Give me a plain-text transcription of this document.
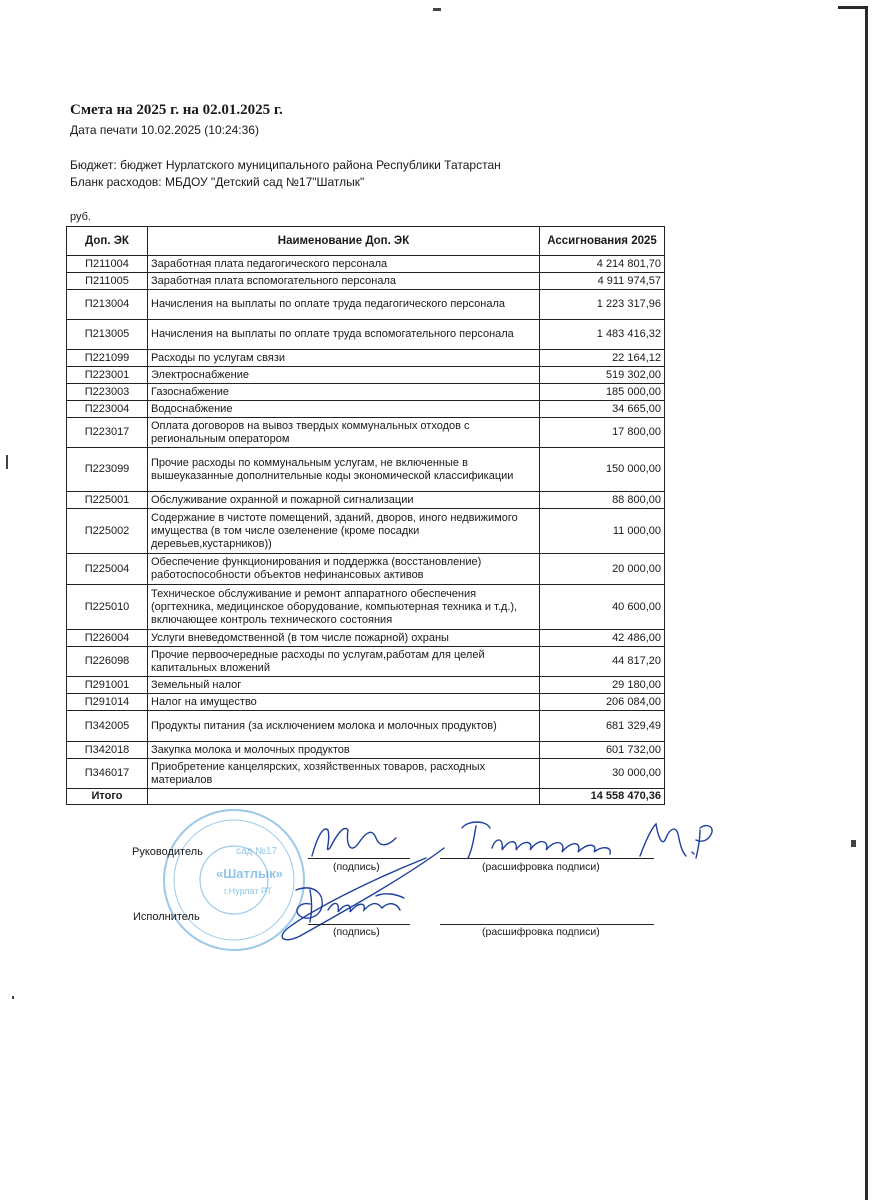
Смета на 2025 г. на 02.01.2025 г.
Дата печати 10.02.2025 (10:24:36)
Бюджет: бюджет Нурлатского муниципального района Республики Татарстан
Бланк расходов: МБДОУ "Детский сад №17"Шатлык"
руб.
Доп. ЭК	Наименование Доп. ЭК	Ассигнования 2025
П211004	Заработная плата педагогического персонала	4 214 801,70
П211005	Заработная плата вспомогательного персонала	4 911 974,57
П213004	Начисления на выплаты по оплате труда педагогического персонала	1 223 317,96
П213005	Начисления на выплаты по оплате труда вспомогательного персонала	1 483 416,32
П221099	Расходы по услугам связи	22 164,12
П223001	Электроснабжение	519 302,00
П223003	Газоснабжение	185 000,00
П223004	Водоснабжение	34 665,00
П223017	Оплата договоров на вывоз твердых коммунальных отходов с региональным оператором	17 800,00
П223099	Прочие расходы по коммунальным услугам, не включенные в вышеуказанные дополнительные коды экономической классификации	150 000,00
П225001	Обслуживание охранной и пожарной сигнализации	88 800,00
П225002	Содержание в чистоте помещений, зданий, дворов, иного недвижимого имущества (в том числе озеленение (кроме посадки деревьев,кустарников))	11 000,00
П225004	Обеспечение функционирования и поддержка (восстановление) работоспособности объектов нефинансовых активов	20 000,00
П225010	Техническое обслуживание и ремонт аппаратного обеспечения (оргтехника, медицинское оборудование, компьютерная техника и т.д.), включающее контроль технического состояния	40 600,00
П226004	Услуги вневедомственной (в том числе пожарной) охраны	42 486,00
П226098	Прочие первоочередные расходы по услугам,работам для целей капитальных вложений	44 817,20
П291001	Земельный налог	29 180,00
П291014	Налог на имущество	206 084,00
П342005	Продукты питания (за исключением молока и молочных продуктов)	681 329,49
П342018	Закупка молока и молочных продуктов	601 732,00
П346017	Приобретение канцелярских, хозяйственных товаров, расходных материалов	30 000,00
Итого		14 558 470,36
сад №17
«Шатлык»
г.Нурлат РТ
Руководитель
(подпись)	(расшифровка подписи)
Исполнитель
(подпись)	(расшифровка подписи)
